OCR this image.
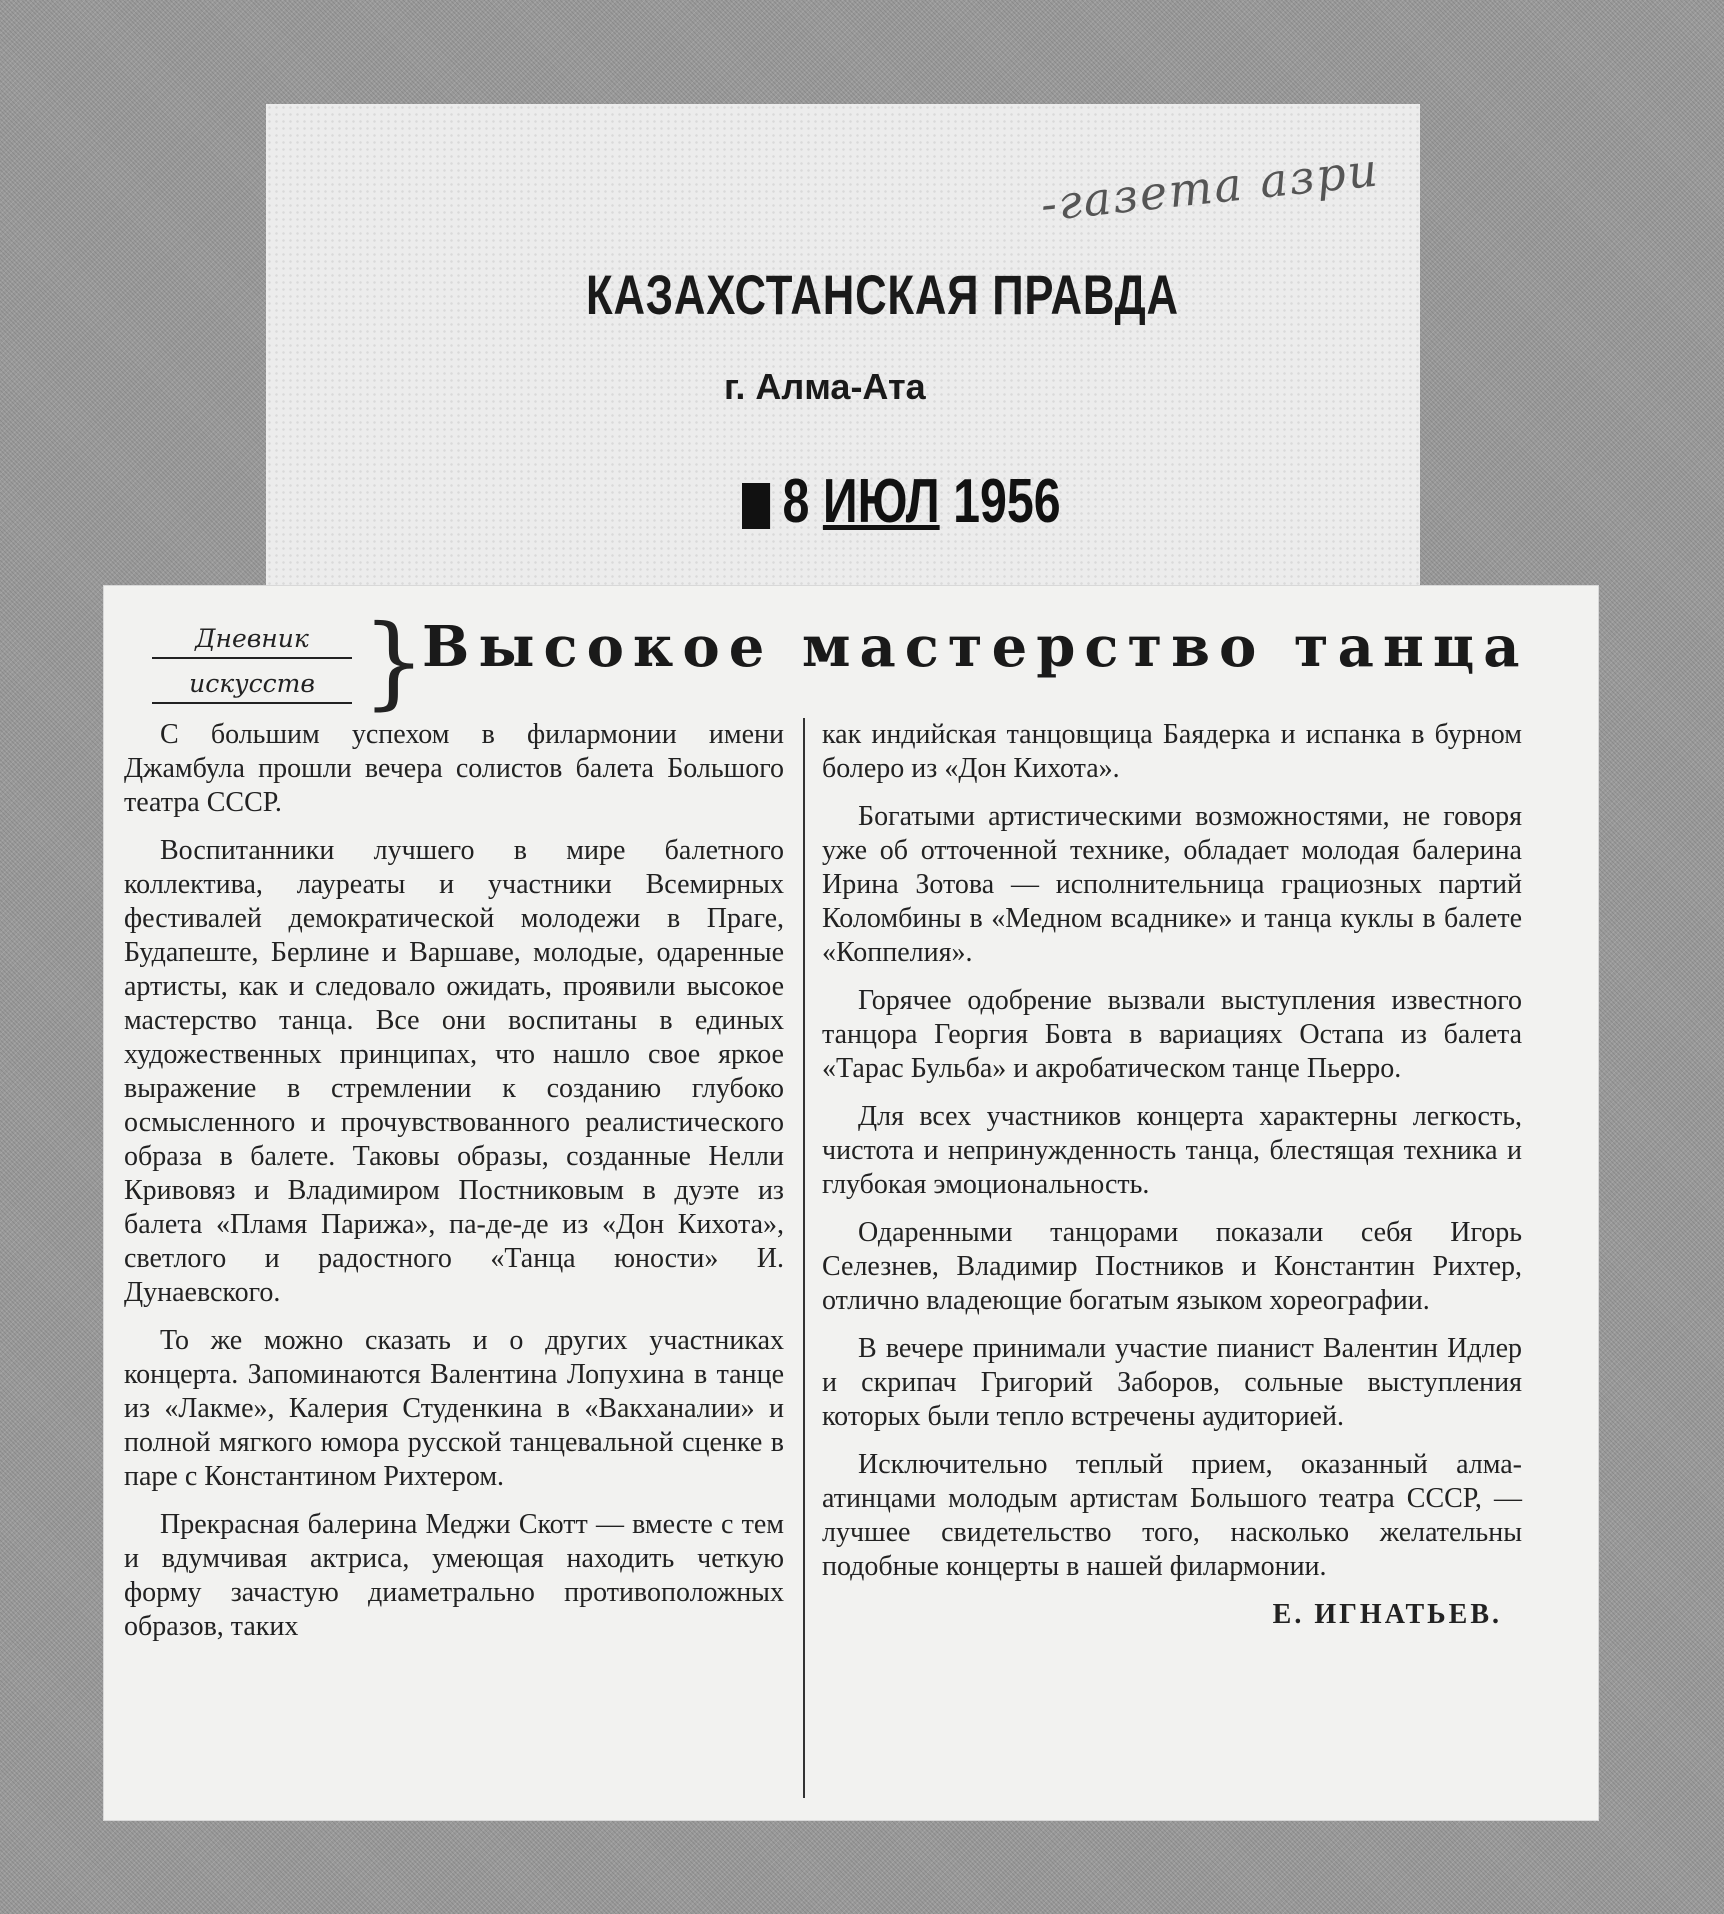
-газета азри
КАЗАХСТАНСКАЯ ПРАВДА
г. Алма-Ата
8 ИЮЛ 1956
Дневник
искусств }
Высокое мастерство танца

С большим успехом в филармонии имени Джамбула прошли вечера солистов балета Большого театра СССР.

Воспитанники лучшего в мире балетного коллектива, лауреаты и участники Всемирных фестивалей демократической молодежи в Праге, Будапеште, Берлине и Варшаве, молодые, одаренные артисты, как и следовало ожидать, проявили высокое мастерство танца. Все они воспитаны в единых художественных принципах, что нашло свое яркое выражение в стремлении к созданию глубоко осмысленного и прочувствованного реалистического образа в балете. Таковы образы, созданные Нелли Кривовяз и Владимиром Постниковым в дуэте из балета «Пламя Парижа», па-де-де из «Дон Кихота», светлого и радостного «Танца юности» И. Дунаевского.

То же можно сказать и о других участниках концерта. Запоминаются Валентина Лопухина в танце из «Лакме», Калерия Студенкина в «Вакханалии» и полной мягкого юмора русской танцевальной сценке в паре с Константином Рихтером.

Прекрасная балерина Меджи Скотт — вместе с тем и вдумчивая актриса, умеющая находить четкую форму зачастую диаметрально противоположных образов, таких

как индийская танцовщица Баядерка и испанка в бурном болеро из «Дон Кихота».

Богатыми артистическими возможностями, не говоря уже об отточенной технике, обладает молодая балерина Ирина Зотова — исполнительница грациозных партий Коломбины в «Медном всаднике» и танца куклы в балете «Коппелия».

Горячее одобрение вызвали выступления известного танцора Георгия Бовта в вариациях Остапа из балета «Тарас Бульба» и акробатическом танце Пьерро.

Для всех участников концерта характерны легкость, чистота и непринужденность танца, блестящая техника и глубокая эмоциональность.

Одаренными танцорами показали себя Игорь Селезнев, Владимир Постников и Константин Рихтер, отлично владеющие богатым языком хореографии.

В вечере принимали участие пианист Валентин Идлер и скрипач Григорий Заборов, сольные выступления которых были тепло встречены аудиторией.

Исключительно теплый прием, оказанный алма-атинцами молодым артистам Большого театра СССР, — лучшее свидетельство того, насколько желательны подобные концерты в нашей филармонии.

Е. ИГНАТЬЕВ.
